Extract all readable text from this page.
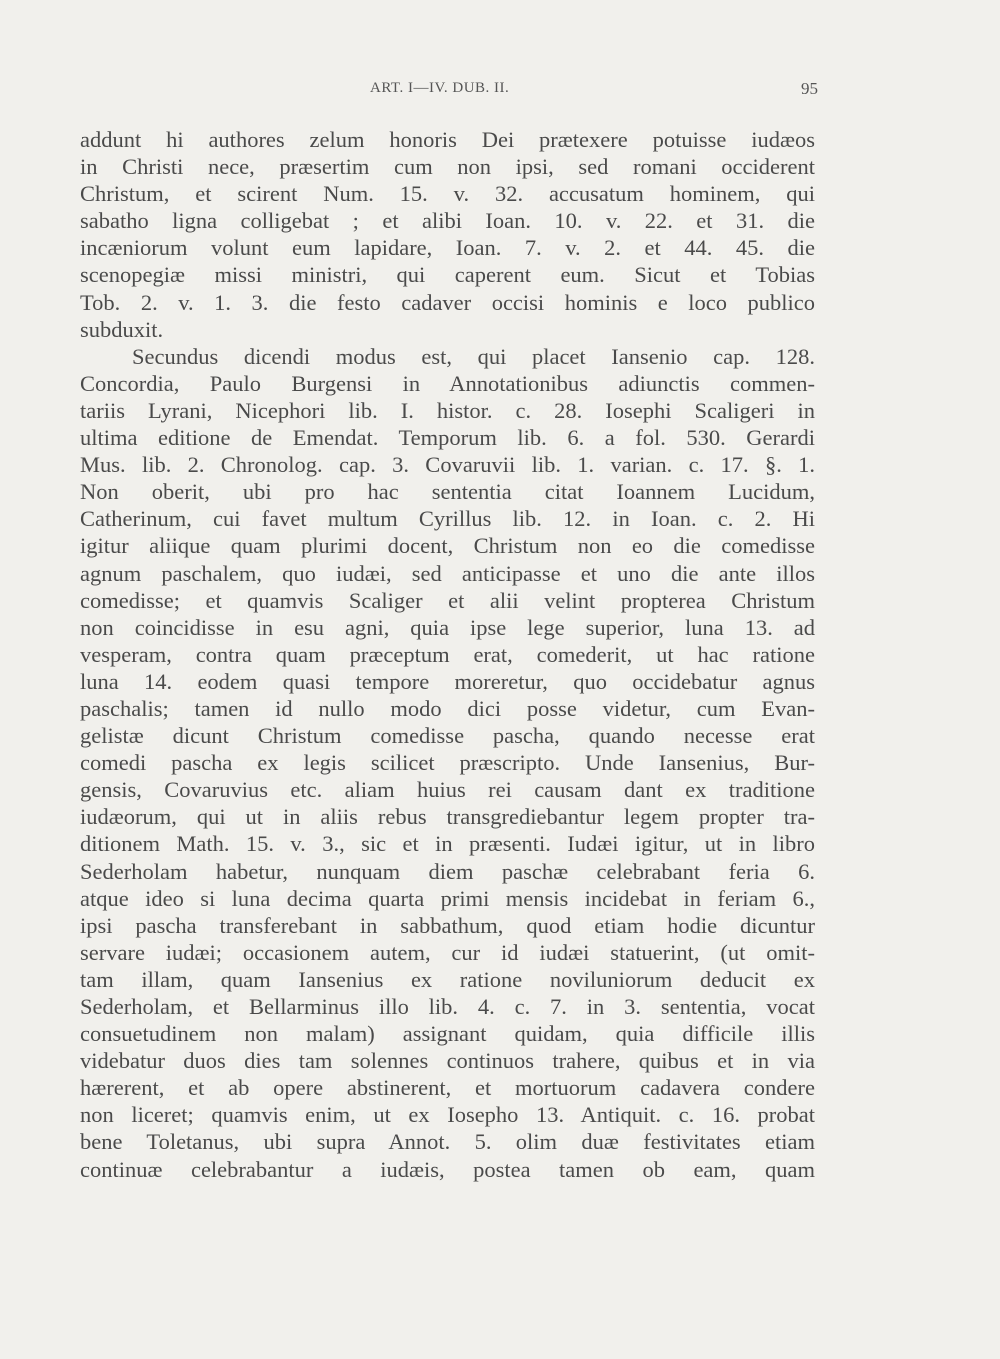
ART. I—IV. DUB. II.	95
addunt hi authores zelum honoris Dei prætexere potuisse iudæos
in Christi nece, præsertim cum non ipsi, sed romani occiderent
Christum, et scirent Num. 15. v. 32. accusatum hominem, qui
sabatho ligna colligebat ; et alibi Ioan. 10. v. 22. et 31. die
incæniorum volunt eum lapidare, Ioan. 7. v. 2. et 44. 45. die
scenopegiæ missi ministri, qui caperent eum. Sicut et Tobias
Tob. 2. v. 1. 3. die festo cadaver occisi hominis e loco publico
subduxit.
Secundus dicendi modus est, qui placet Iansenio cap. 128.
Concordia, Paulo Burgensi in Annotationibus adiunctis commen-
tariis Lyrani, Nicephori lib. I. histor. c. 28. Iosephi Scaligeri in
ultima editione de Emendat. Temporum lib. 6. a fol. 530. Gerardi
Mus. lib. 2. Chronolog. cap. 3. Covaruvii lib. 1. varian. c. 17. §. 1.
Non oberit, ubi pro hac sententia citat Ioannem Lucidum,
Catherinum, cui favet multum Cyrillus lib. 12. in Ioan. c. 2. Hi
igitur aliique quam plurimi docent, Christum non eo die comedisse
agnum paschalem, quo iudæi, sed anticipasse et uno die ante illos
comedisse; et quamvis Scaliger et alii velint propterea Christum
non coincidisse in esu agni, quia ipse lege superior, luna 13. ad
vesperam, contra quam præceptum erat, comederit, ut hac ratione
luna 14. eodem quasi tempore moreretur, quo occidebatur agnus
paschalis; tamen id nullo modo dici posse videtur, cum Evan-
gelistæ dicunt Christum comedisse pascha, quando necesse erat
comedi pascha ex legis scilicet præscripto. Unde Iansenius, Bur-
gensis, Covaruvius etc. aliam huius rei causam dant ex traditione
iudæorum, qui ut in aliis rebus transgrediebantur legem propter tra-
ditionem Math. 15. v. 3., sic et in præsenti. Iudæi igitur, ut in libro
Sederholam habetur, nunquam diem paschæ celebrabant feria 6.
atque ideo si luna decima quarta primi mensis incidebat in feriam 6.,
ipsi pascha transferebant in sabbathum, quod etiam hodie dicuntur
servare iudæi; occasionem autem, cur id iudæi statuerint, (ut omit-
tam illam, quam Iansenius ex ratione noviluniorum deducit ex
Sederholam, et Bellarminus illo lib. 4. c. 7. in 3. sententia, vocat
consuetudinem non malam) assignant quidam, quia difficile illis
videbatur duos dies tam solennes continuos trahere, quibus et in via
hærerent, et ab opere abstinerent, et mortuorum cadavera condere
non liceret; quamvis enim, ut ex Iosepho 13. Antiquit. c. 16. probat
bene Toletanus, ubi supra Annot. 5. olim duæ festivitates etiam
continuæ celebrabantur a iudæis, postea tamen ob eam, quam
